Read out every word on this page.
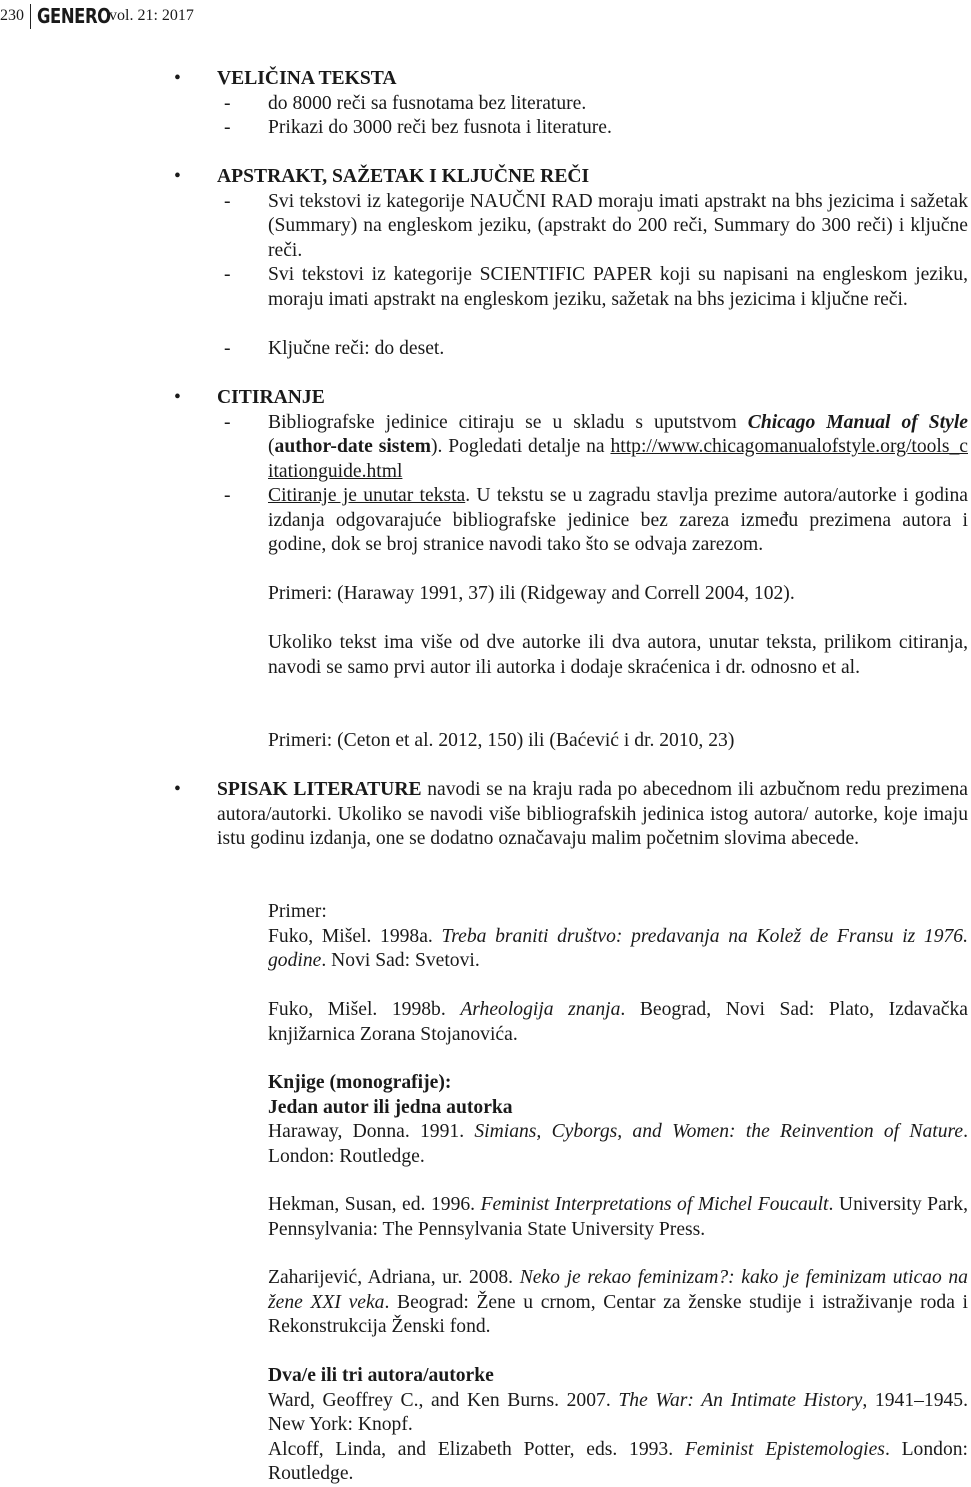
230 GENERO
vol. 21: 2017
•	VELIČINA TEKSTA
- do 8000 reči sa fusnotama bez literature.
- Prikazi do 3000 reči bez fusnota i literature.
•	APSTRAKT, SAŽETAK I KLJUČNE REČI
- Svi tekstovi iz kategorije NAUČNI RAD moraju imati apstrakt na bhs jezicima i sažetak (Summary) na engleskom jeziku, (apstrakt do 200 reči, Summary do 300 reči) i ključne reči.
- Svi tekstovi iz kategorije SCIENTIFIC PAPER koji su napisani na engleskom jeziku, moraju imati apstrakt na engleskom jeziku, sažetak na bhs jezicima i ključne reči.
- Ključne reči: do deset.
•	CITIRANJE
- Bibliografske jedinice citiraju se u skladu s uputstvom Chicago Manual of Style (author-date sistem). Pogledati detalje na http://www.chicagomanualofstyle.org/tools_citationguide.html
- Citiranje je unutar teksta. U tekstu se u zagradu stavlja prezime autora/autorke i godina izdanja odgovarajuće bibliografske jedinice bez zareza između prezimena autora i godine, dok se broj stranice navodi tako što se odvaja zarezom.
Primeri: (Haraway 1991, 37) ili (Ridgeway and Correll 2004, 102).
Ukoliko tekst ima više od dve autorke ili dva autora, unutar teksta, prilikom citiranja, navodi se samo prvi autor ili autorka i dodaje skraćenica i dr. odnosno et al.
Primeri: (Ceton et al. 2012, 150) ili (Baćević i dr. 2010, 23)
•	SPISAK LITERATURE navodi se na kraju rada po abecednom ili azbučnom redu prezimena autora/autorki. Ukoliko se navodi više bibliografskih jedinica istog autora/ autorke, koje imaju istu godinu izdanja, one se dodatno označavaju malim početnim slovima abecede.
Primer:
Fuko, Mišel. 1998a. Treba braniti društvo: predavanja na Kolež de Fransu iz 1976. godine. Novi Sad: Svetovi.
Fuko, Mišel. 1998b. Arheologija znanja. Beograd, Novi Sad: Plato, Izdavačka knjižarnica Zorana Stojanovića.
Knjige (monografije):
Jedan autor ili jedna autorka
Haraway, Donna. 1991. Simians, Cyborgs, and Women: the Reinvention of Nature. London: Routledge.
Hekman, Susan, ed. 1996. Feminist Interpretations of Michel Foucault. University Park, Pennsylvania: The Pennsylvania State University Press.
Zaharijević, Adriana, ur. 2008. Neko je rekao feminizam?: kako je feminizam uticao na žene XXI veka. Beograd: Žene u crnom, Centar za ženske studije i istraživanje roda i Rekonstrukcija Ženski fond.
Dva/e ili tri autora/autorke
Ward, Geoffrey C., and Ken Burns. 2007. The War: An Intimate History, 1941–1945. New York: Knopf.
Alcoff, Linda, and Elizabeth Potter, eds. 1993. Feminist Epistemologies. London: Routledge.
